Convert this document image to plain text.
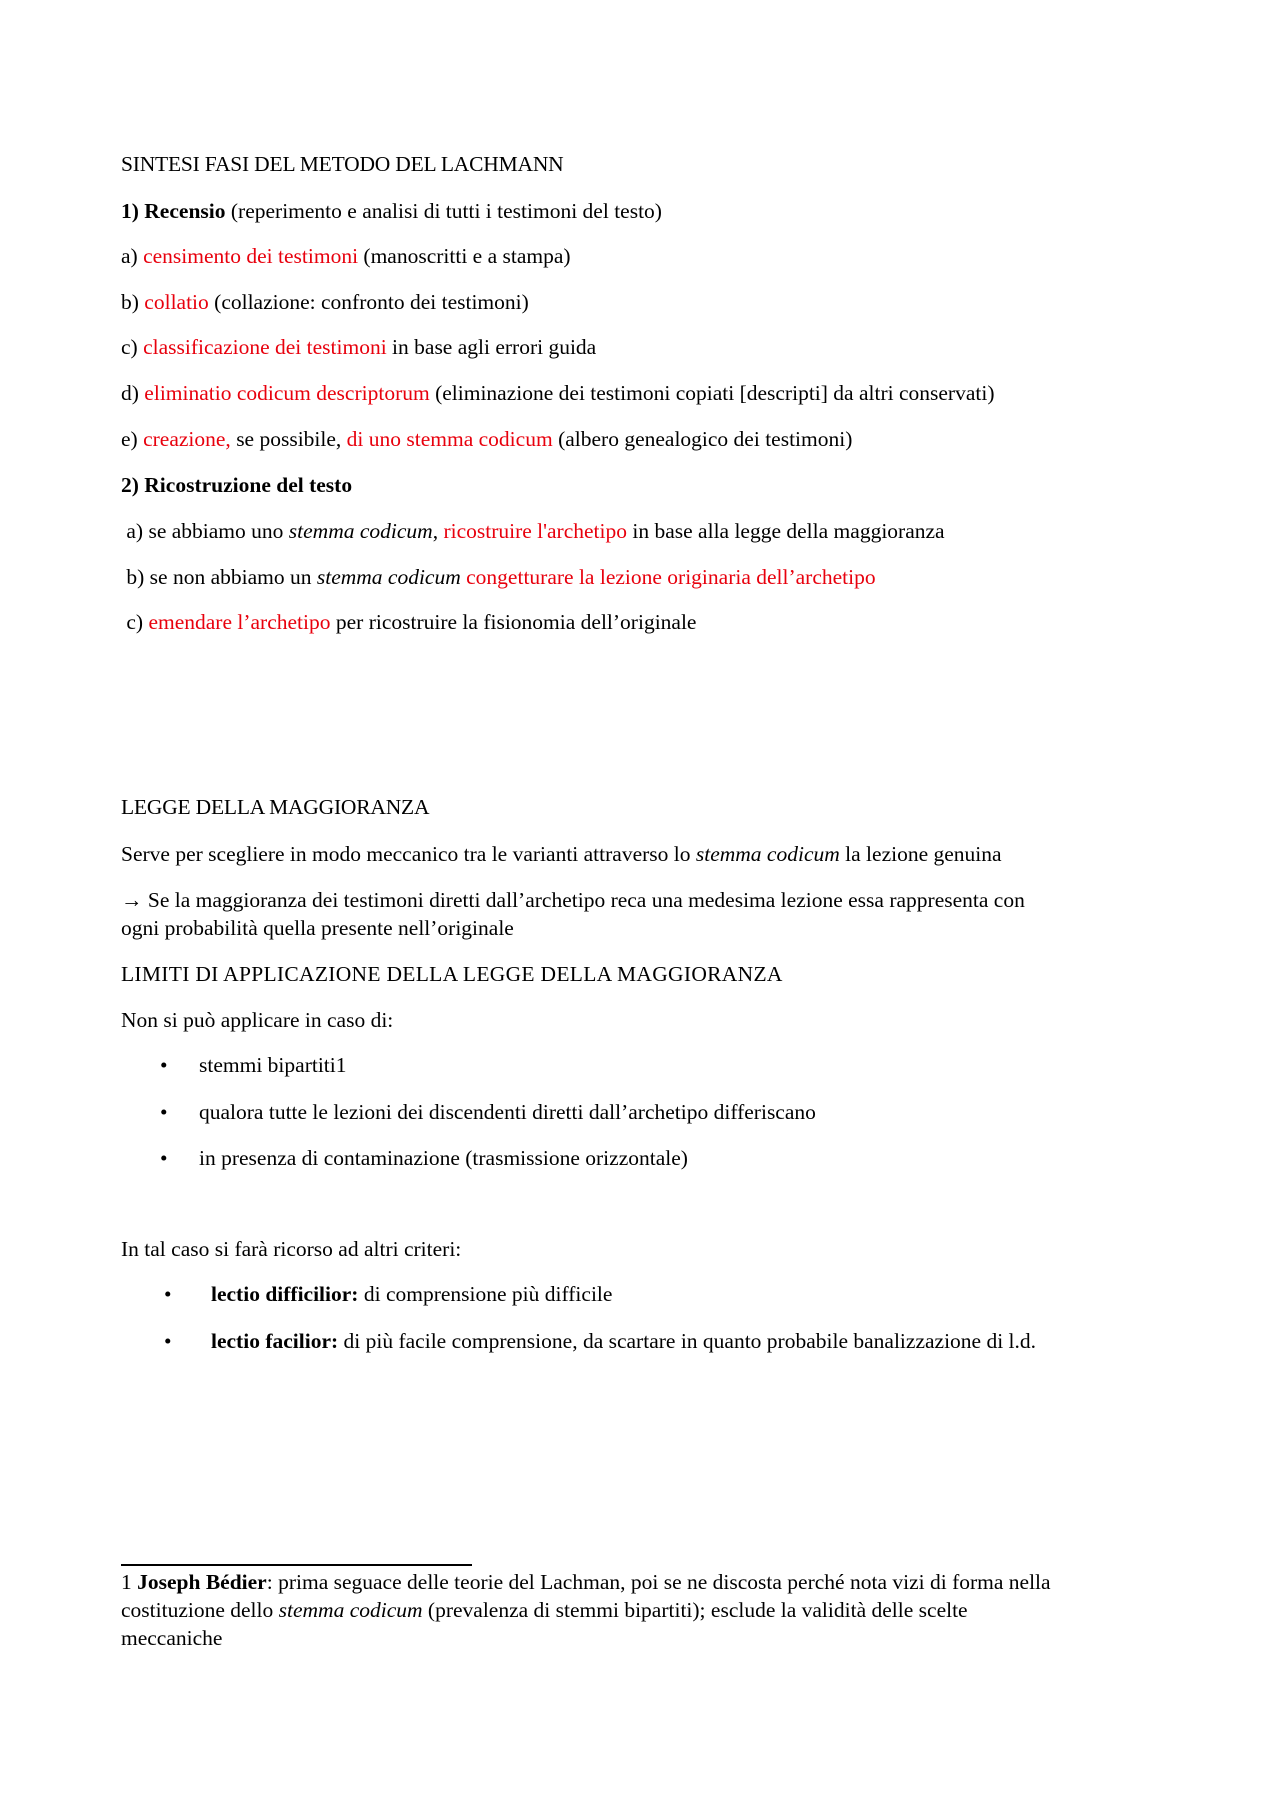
SINTESI FASI DEL METODO DEL LACHMANN
1) Recensio (reperimento e analisi di tutti i testimoni del testo)
a) censimento dei testimoni (manoscritti e a stampa)
b) collatio (collazione: confronto dei testimoni)
c) classificazione dei testimoni in base agli errori guida
d) eliminatio codicum descriptorum (eliminazione dei testimoni copiati [descripti] da altri conservati)
e) creazione, se possibile, di uno stemma codicum (albero genealogico dei testimoni)
2) Ricostruzione del testo
a) se abbiamo uno stemma codicum, ricostruire l'archetipo in base alla legge della maggioranza
b) se non abbiamo un stemma codicum congetturare la lezione originaria dell’archetipo
c) emendare l’archetipo per ricostruire la fisionomia dell’originale
LEGGE DELLA MAGGIORANZA
Serve per scegliere in modo meccanico tra le varianti attraverso lo stemma codicum la lezione genuina
→ Se la maggioranza dei testimoni diretti dall’archetipo reca una medesima lezione essa rappresenta con
ogni probabilità quella presente nell’originale
LIMITI DI APPLICAZIONE DELLA LEGGE DELLA MAGGIORANZA
Non si può applicare in caso di:
• stemmi bipartiti1
• qualora tutte le lezioni dei discendenti diretti dall’archetipo differiscano
• in presenza di contaminazione (trasmissione orizzontale)
In tal caso si farà ricorso ad altri criteri:
• lectio difficilior: di comprensione più difficile
• lectio facilior: di più facile comprensione, da scartare in quanto probabile banalizzazione di l.d.
1 Joseph Bédier: prima seguace delle teorie del Lachman, poi se ne discosta perché nota vizi di forma nella
costituzione dello stemma codicum (prevalenza di stemmi bipartiti); esclude la validità delle scelte
meccaniche
